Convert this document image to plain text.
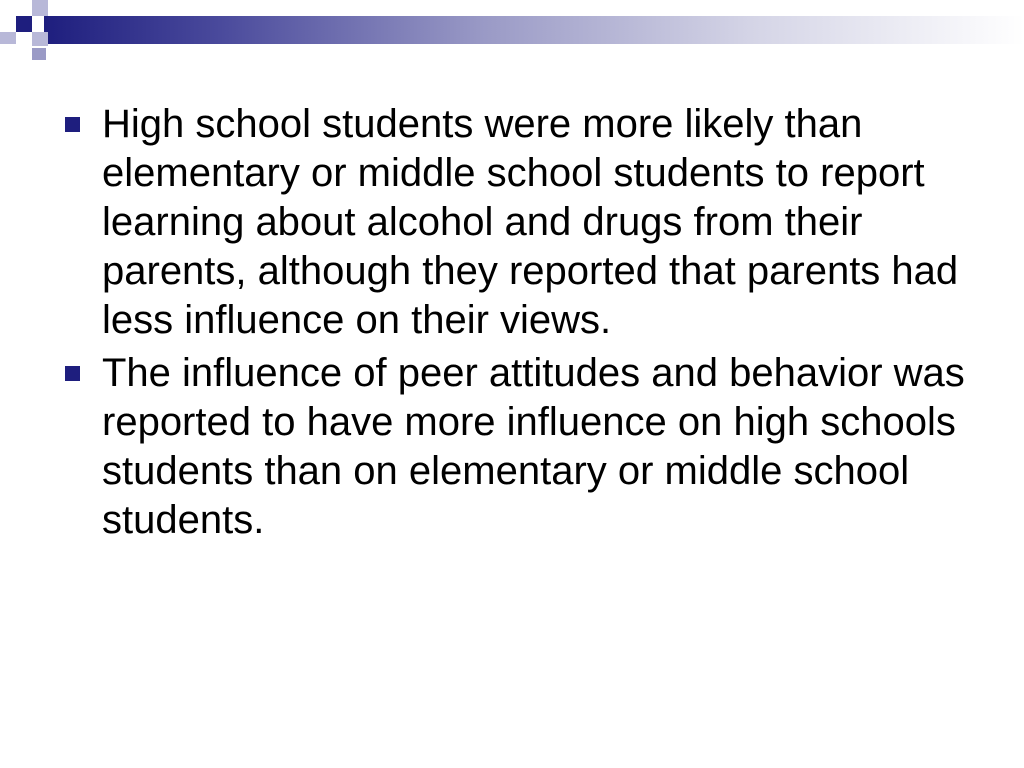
High school students were more likely than elementary or middle school students to report learning about alcohol and drugs from their parents, although they reported that parents had less influence on their views.
The influence of peer attitudes and behavior was reported to have more influence on high schools students than on elementary or middle school students.
